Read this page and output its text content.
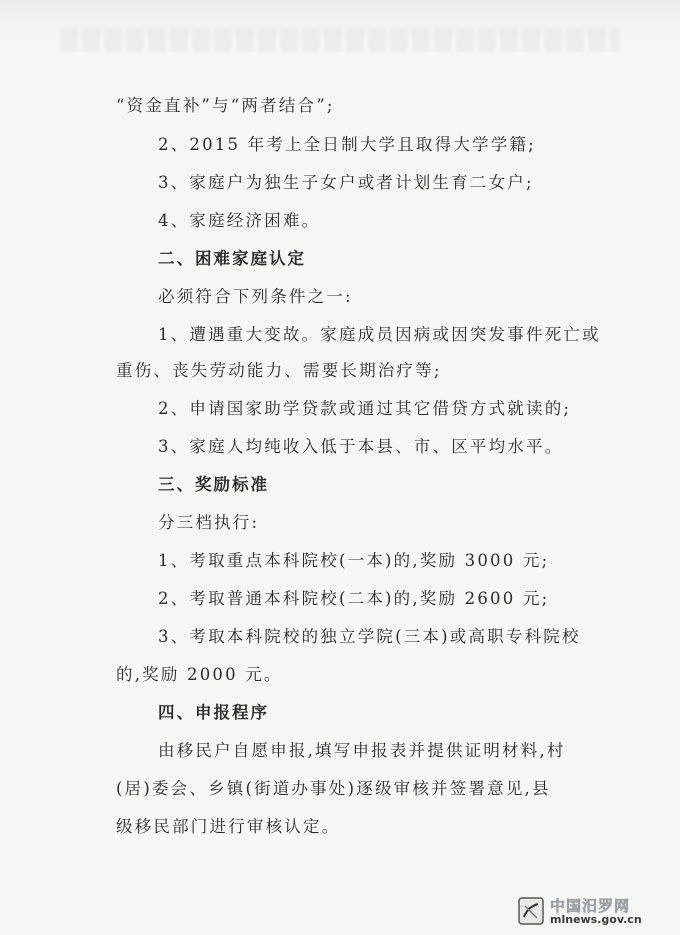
“资金直补”与“两者结合”;
2、2015 年考上全日制大学且取得大学学籍;
3、家庭户为独生子女户或者计划生育二女户;
4、家庭经济困难。
二、困难家庭认定
必须符合下列条件之一:
1、遭遇重大变故。家庭成员因病或因突发事件死亡或
重伤、丧失劳动能力、需要长期治疗等;
2、申请国家助学贷款或通过其它借贷方式就读的;
3、家庭人均纯收入低于本县、市、区平均水平。
三、奖励标准
分三档执行:
1、考取重点本科院校(一本)的,奖励 3000 元;
2、考取普通本科院校(二本)的,奖励 2600 元;
3、考取本科院校的独立学院(三本)或高职专科院校
的,奖励 2000 元。
四、申报程序
由移民户自愿申报,填写申报表并提供证明材料,村
(居)委会、乡镇(街道办事处)逐级审核并签署意见,县
级移民部门进行审核认定。
中国汨罗网
mlnews.gov.cn
